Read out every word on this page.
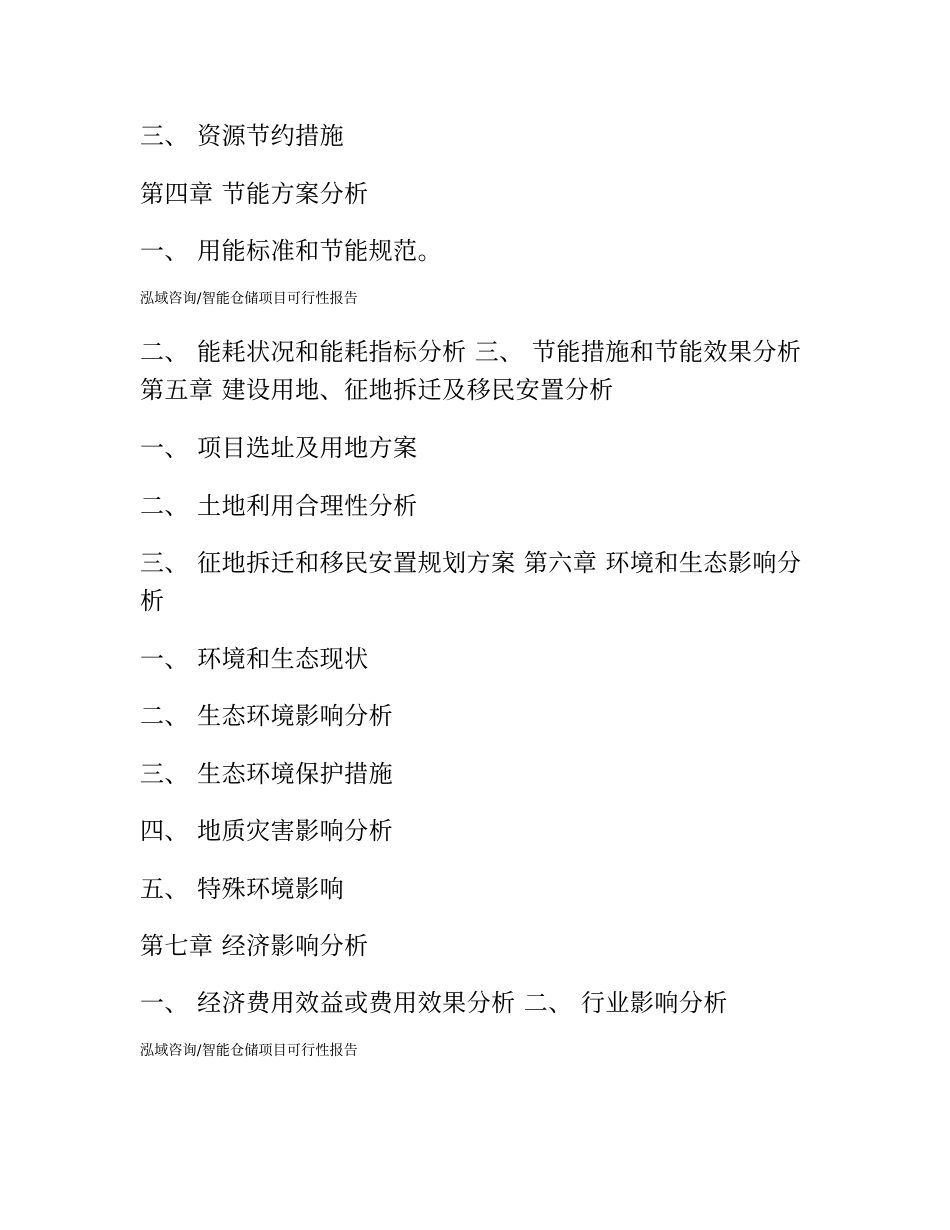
三、 资源节约措施
第四章 节能方案分析
一、 用能标准和节能规范。
泓域咨询/智能仓储项目可行性报告
二、 能耗状况和能耗指标分析 三、 节能措施和节能效果分析 第五章 建设用地、征地拆迁及移民安置分析
一、 项目选址及用地方案
二、 土地利用合理性分析
三、 征地拆迁和移民安置规划方案 第六章 环境和生态影响分析
一、 环境和生态现状
二、 生态环境影响分析
三、 生态环境保护措施
四、 地质灾害影响分析
五、 特殊环境影响
第七章 经济影响分析
一、 经济费用效益或费用效果分析 二、 行业影响分析
泓域咨询/智能仓储项目可行性报告
